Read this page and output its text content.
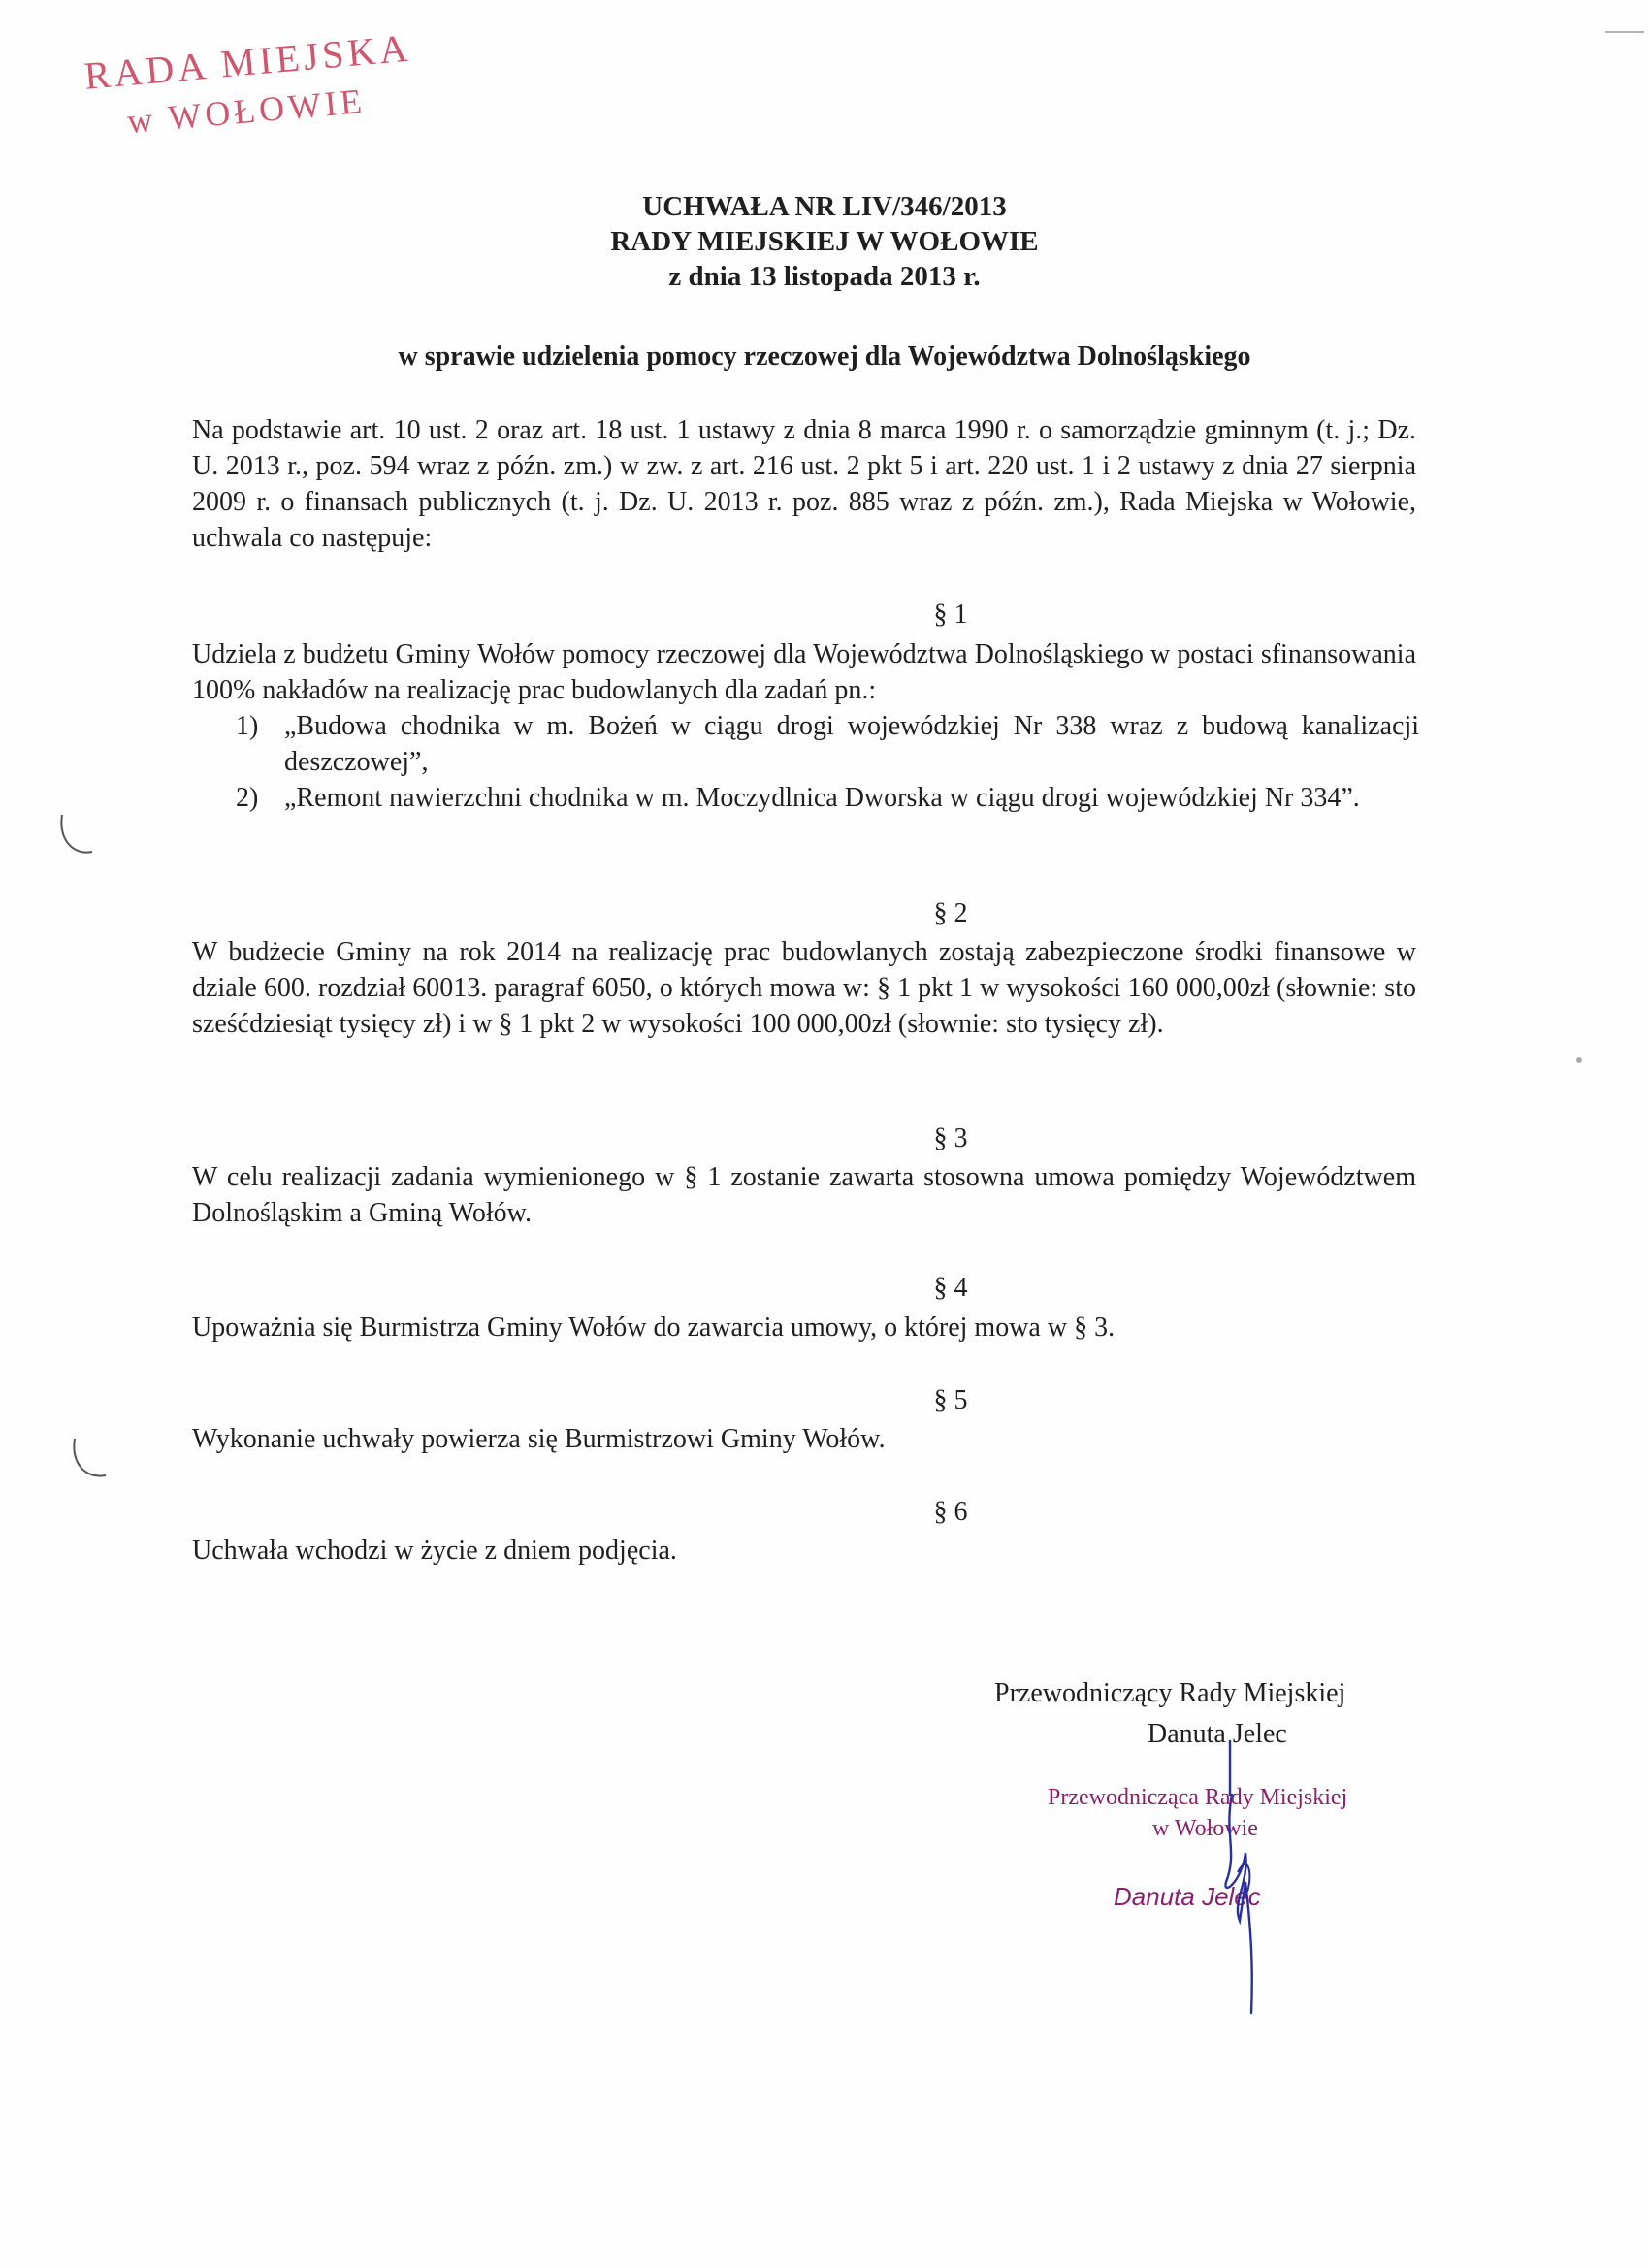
RADA MIEJSKA
w WOŁOWIE
UCHWAŁA NR LIV/346/2013
RADY MIEJSKIEJ W WOŁOWIE
z dnia 13 listopada 2013 r.
w sprawie udzielenia pomocy rzeczowej dla Województwa Dolnośląskiego
Na podstawie art. 10 ust. 2 oraz art. 18 ust. 1 ustawy z dnia 8 marca 1990 r. o samorządzie gminnym (t. j.; Dz. U. 2013 r., poz. 594 wraz z późn. zm.) w zw. z art. 216 ust. 2 pkt 5 i art. 220 ust. 1 i 2 ustawy z dnia 27 sierpnia 2009 r. o finansach publicznych (t. j. Dz. U. 2013 r. poz. 885 wraz z późn. zm.), Rada Miejska w Wołowie, uchwala co następuje:
§ 1
Udziela z budżetu Gminy Wołów pomocy rzeczowej dla Województwa Dolnośląskiego w postaci sfinansowania 100% nakładów na realizację prac budowlanych dla zadań pn.:
1) „Budowa chodnika w m. Bożeń w ciągu drogi wojewódzkiej Nr 338 wraz z budową kanalizacji deszczowej”,
2) „Remont nawierzchni chodnika w m. Moczydlnica Dworska w ciągu drogi wojewódzkiej Nr 334”.
§ 2
W budżecie Gminy na rok 2014 na realizację prac budowlanych zostają zabezpieczone środki finansowe w dziale 600. rozdział 60013. paragraf 6050, o których mowa w: § 1 pkt 1 w wysokości 160 000,00zł (słownie: sto sześćdziesiąt tysięcy zł) i w § 1 pkt 2 w wysokości 100 000,00zł (słownie: sto tysięcy zł).
§ 3
W celu realizacji zadania wymienionego w § 1 zostanie zawarta stosowna umowa pomiędzy Województwem Dolnośląskim a Gminą Wołów.
§ 4
Upoważnia się Burmistrza Gminy Wołów do zawarcia umowy, o której mowa w § 3.
§ 5
Wykonanie uchwały powierza się Burmistrzowi Gminy Wołów.
§ 6
Uchwała wchodzi w życie z dniem podjęcia.
Przewodniczący Rady Miejskiej
Danuta Jelec
Przewodnicząca Rady Miejskiej
w Wołowie
Danuta Jelec
